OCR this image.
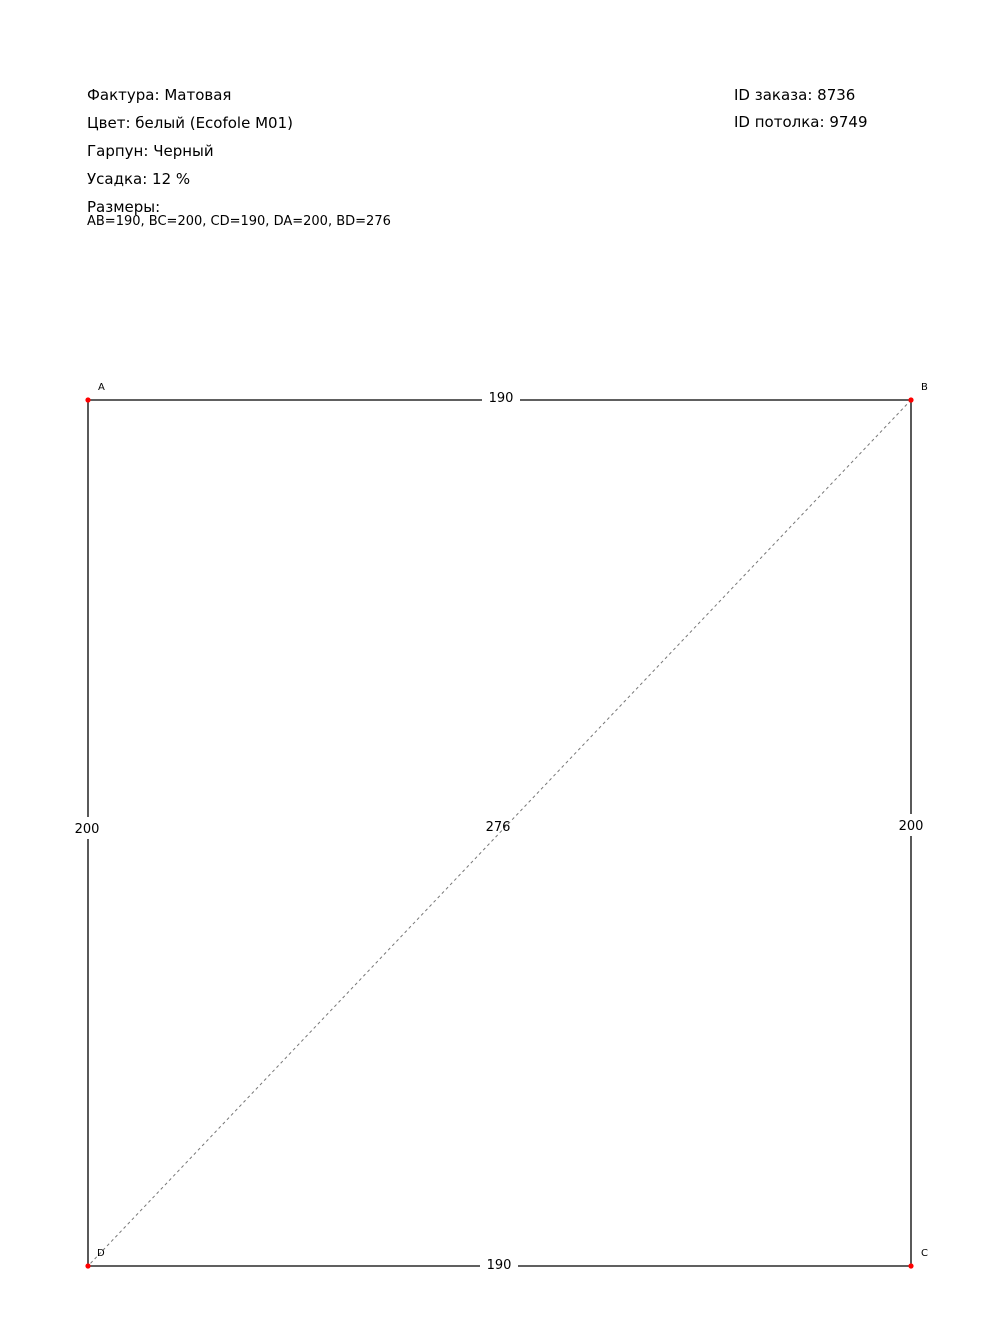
Фактура: Матовая
Цвет: белый (Ecofole M01)
Гарпун: Черный
Усадка: 12 %
Размеры:
AB=190, BC=200, CD=190, DA=200, BD=276
ID заказа: 8736
ID потолка: 9749
190
200
190
200	276
A	B
C
D
